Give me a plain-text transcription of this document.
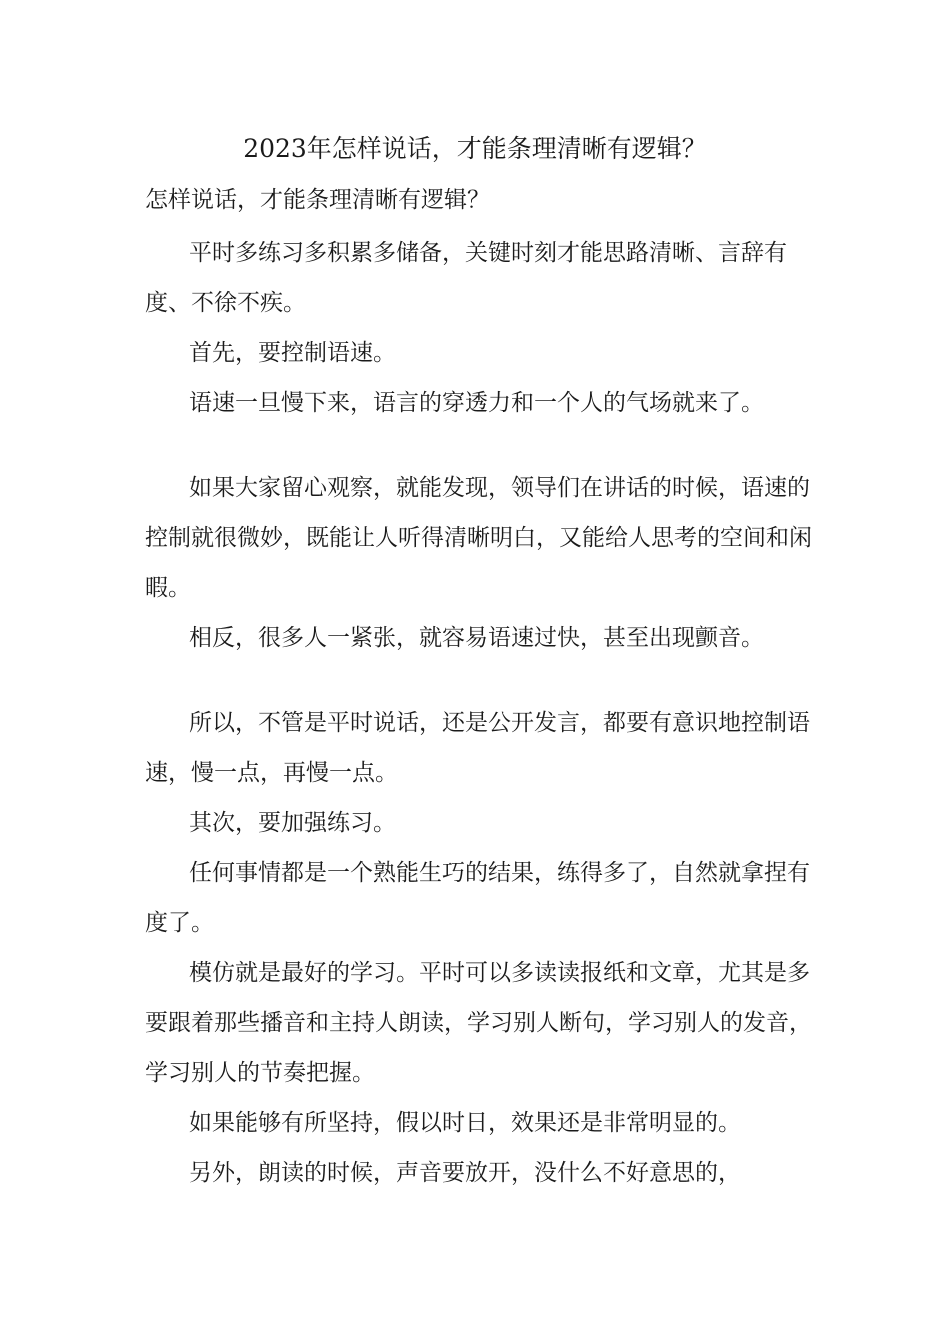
2023年怎样说话，才能条理清晰有逻辑？
怎样说话，才能条理清晰有逻辑？

平时多练习多积累多储备，关键时刻才能思路清晰、言辞有度、不徐不疾。

首先，要控制语速。

语速一旦慢下来，语言的穿透力和一个人的气场就来了。

如果大家留心观察，就能发现，领导们在讲话的时候，语速的控制就很微妙，既能让人听得清晰明白，又能给人思考的空间和闲暇。

相反，很多人一紧张，就容易语速过快，甚至出现颤音。

所以，不管是平时说话，还是公开发言，都要有意识地控制语速，慢一点，再慢一点。

其次，要加强练习。

任何事情都是一个熟能生巧的结果，练得多了，自然就拿捏有度了。

模仿就是最好的学习。平时可以多读读报纸和文章，尤其是多要跟着那些播音和主持人朗读，学习别人断句，学习别人的发音，学习别人的节奏把握。

如果能够有所坚持，假以时日，效果还是非常明显的。

另外，朗读的时候，声音要放开，没什么不好意思的，
